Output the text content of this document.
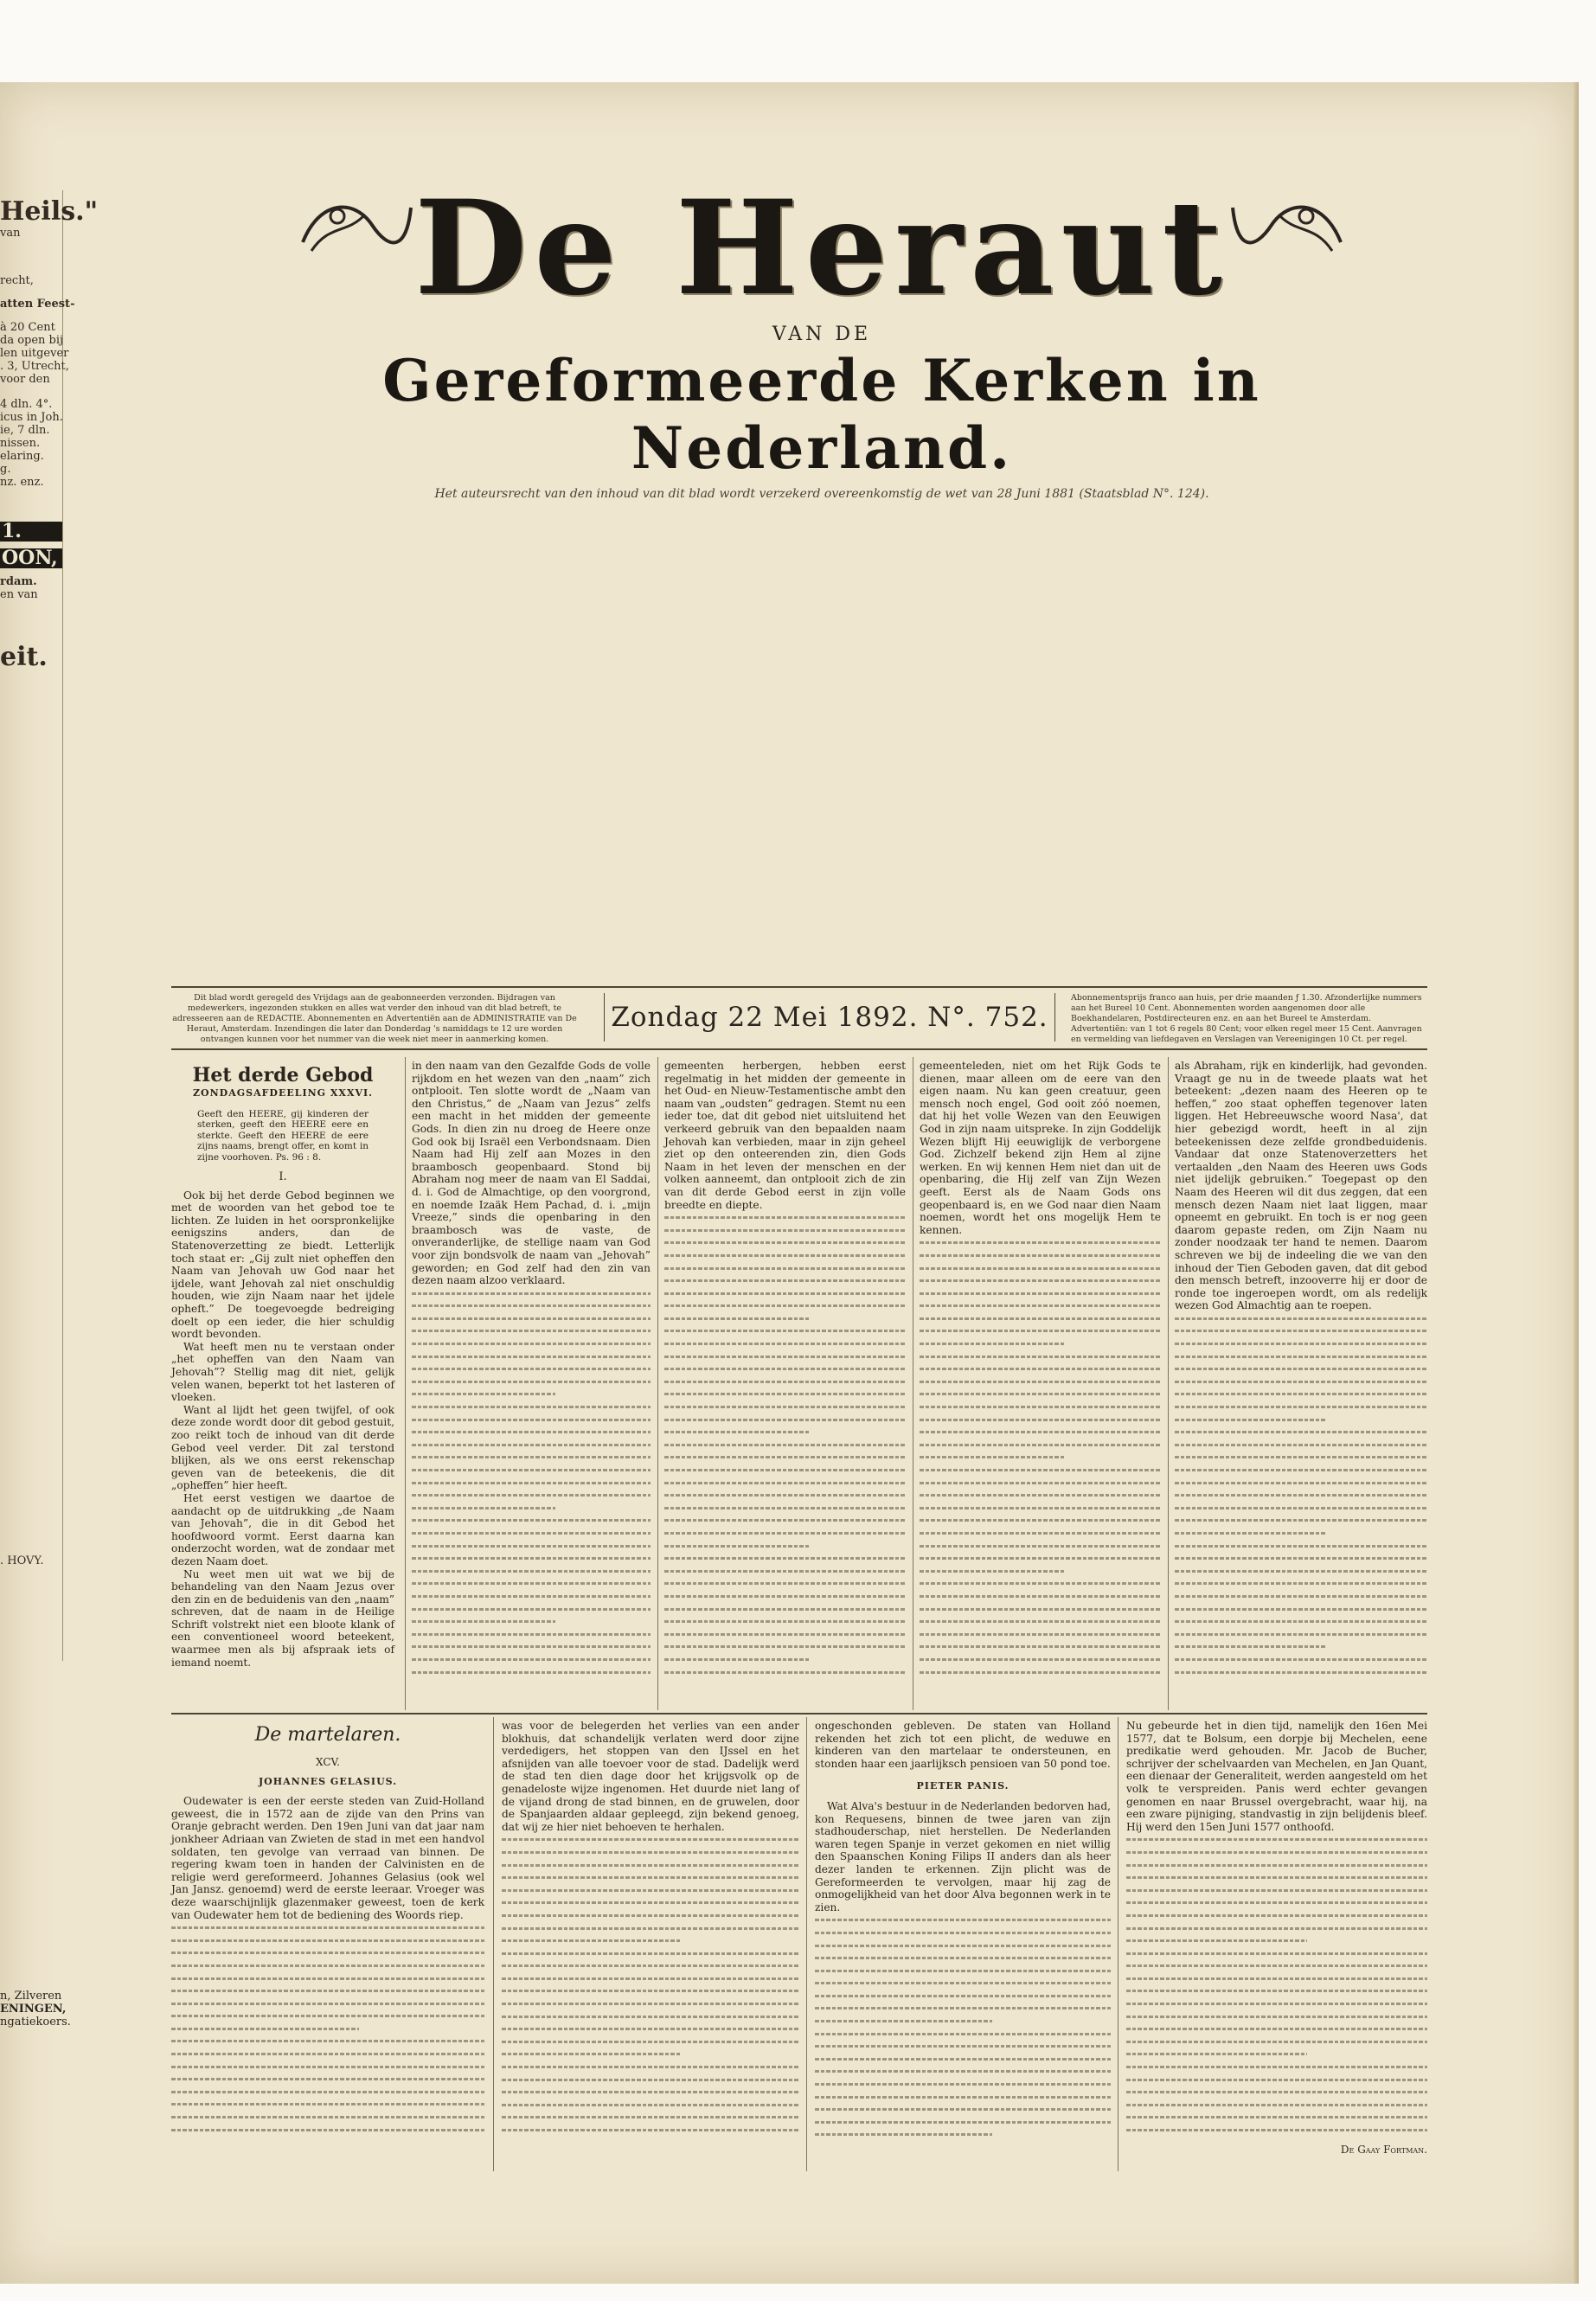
Heils."
van
recht,
atten Feest-
à 20 Cent
da open bij
len uitgever
. 3, Utrecht,
voor den
4 dln. 4°.
icus in Joh.
ie, 7 dln.
nissen.
elaring.
g.
nz. enz.
1.
OON,
rdam.
en van
eit.
. HOVY.
n, Zilveren
ENINGEN,
ngatiekoers.
De Heraut
VAN DE
Gereformeerde Kerken in Nederland.
Het auteursrecht van den inhoud van dit blad wordt verzekerd overeenkomstig de wet van 28 Juni 1881 (Staatsblad N°. 124).
Dit blad wordt geregeld des Vrijdags aan de geabonneerden verzonden. Bijdragen van medewerkers, ingezonden stukken en alles wat verder den inhoud van dit blad betreft, te adresseeren aan de REDACTIE. Abonnementen en Advertentiën aan de ADMINISTRATIE van De Heraut, Amsterdam. Inzendingen die later dan Donderdag 's namiddags te 12 ure worden ontvangen kunnen voor het nummer van die week niet meer in aanmerking komen.
Zondag 22 Mei 1892. N°. 752.
Abonnementsprijs franco aan huis, per drie maanden ƒ 1.30. Afzonderlijke nummers aan het Bureel 10 Cent. Abonnementen worden aangenomen door alle Boekhandelaren, Postdirecteuren enz. en aan het Bureel te Amsterdam. Advertentiën: van 1 tot 6 regels 80 Cent; voor elken regel meer 15 Cent. Aanvragen en vermelding van liefdegaven en Verslagen van Vereenigingen 10 Ct. per regel.
Het derde Gebod
ZONDAGSAFDEELING XXXVI.
Geeft den HEERE, gij kinderen der sterken, geeft den HEERE eere en sterkte. Geeft den HEERE de eere zijns naams, brengt offer, en komt in zijne voorhoven. Ps. 96 : 8.
I.

Ook bij het derde Gebod beginnen we met de woorden van het gebod toe te lichten. Ze luiden in het oorspronkelijke eenigszins anders, dan de Statenoverzetting ze biedt. Letterlijk toch staat er: „Gij zult niet opheffen den Naam van Jehovah uw God naar het ijdele, want Jehovah zal niet onschuldig houden, wie zijn Naam naar het ijdele opheft.” De toegevoegde bedreiging doelt op een ieder, die hier schuldig wordt bevonden.

Wat heeft men nu te verstaan onder „het opheffen van den Naam van Jehovah”? Stellig mag dit niet, gelijk velen wanen, beperkt tot het lasteren of vloeken.

Want al lijdt het geen twijfel, of ook deze zonde wordt door dit gebod gestuit, zoo reikt toch de inhoud van dit derde Gebod veel verder. Dit zal terstond blijken, als we ons eerst rekenschap geven van de beteekenis, die dit „opheffen” hier heeft.

Het eerst vestigen we daartoe de aandacht op de uitdrukking „de Naam van Jehovah”, die in dit Gebod het hoofdwoord vormt. Eerst daarna kan onderzocht worden, wat de zondaar met dezen Naam doet.

Nu weet men uit wat we bij de behandeling van den Naam Jezus over den zin en de beduidenis van den „naam” schreven, dat de naam in de Heilige Schrift volstrekt niet een bloote klank of een conventioneel woord beteekent, waarmee men als bij afspraak iets of iemand noemt.

in den naam van den Gezalfde Gods de volle rijkdom en het wezen van den „naam” zich ontplooit. Ten slotte wordt de „Naam van den Christus,” de „Naam van Jezus” zelfs een macht in het midden der gemeente Gods. In dien zin nu droeg de Heere onze God ook bij Israël een Verbondsnaam. Dien Naam had Hij zelf aan Mozes in den braambosch geopenbaard. Stond bij Abraham nog meer de naam van El Saddai, d. i. God de Almachtige, op den voorgrond, en noemde Izaäk Hem Pachad, d. i. „mijn Vreeze,” sinds die openbaring in den braambosch was de vaste, de onveranderlijke, de stellige naam van God voor zijn bondsvolk de naam van „Jehovah” geworden; en God zelf had den zin van dezen naam alzoo verklaard.

gemeenten herbergen, hebben eerst regelmatig in het midden der gemeente in het Oud- en Nieuw-Testamentische ambt den naam van „oudsten” gedragen. Stemt nu een ieder toe, dat dit gebod niet uitsluitend het verkeerd gebruik van den bepaalden naam Jehovah kan verbieden, maar in zijn geheel ziet op den onteerenden zin, dien Gods Naam in het leven der menschen en der volken aanneemt, dan ontplooit zich de zin van dit derde Gebod eerst in zijn volle breedte en diepte.

gemeenteleden, niet om het Rijk Gods te dienen, maar alleen om de eere van den eigen naam. Nu kan geen creatuur, geen mensch noch engel, God ooit zóó noemen, dat hij het volle Wezen van den Eeuwigen God in zijn naam uitspreke. In zijn Goddelijk Wezen blijft Hij eeuwiglijk de verborgene God. Zichzelf bekend zijn Hem al zijne werken. En wij kennen Hem niet dan uit de openbaring, die Hij zelf van Zijn Wezen geeft. Eerst als de Naam Gods ons geopenbaard is, en we God naar dien Naam noemen, wordt het ons mogelijk Hem te kennen.

als Abraham, rijk en kinderlijk, had gevonden. Vraagt ge nu in de tweede plaats wat het beteekent: „dezen naam des Heeren op te heffen,” zoo staat opheffen tegenover laten liggen. Het Hebreeuwsche woord Nasa', dat hier gebezigd wordt, heeft in al zijn beteekenissen deze zelfde grondbeduidenis. Vandaar dat onze Statenoverzetters het vertaalden „den Naam des Heeren uws Gods niet ijdelijk gebruiken.” Toegepast op den Naam des Heeren wil dit dus zeggen, dat een mensch dezen Naam niet laat liggen, maar opneemt en gebruikt. En toch is er nog geen daarom gepaste reden, om Zijn Naam nu zonder noodzaak ter hand te nemen. Daarom schreven we bij de indeeling die we van den inhoud der Tien Geboden gaven, dat dit gebod den mensch betreft, inzooverre hij er door de ronde toe ingeroepen wordt, om als redelijk wezen God Almachtig aan te roepen.

De martelaren.
XCV.
JOHANNES GELASIUS.

Oudewater is een der eerste steden van Zuid-Holland geweest, die in 1572 aan de zijde van den Prins van Oranje gebracht werden. Den 19en Juni van dat jaar nam jonkheer Adriaan van Zwieten de stad in met een handvol soldaten, ten gevolge van verraad van binnen. De regering kwam toen in handen der Calvinisten en de religie werd gereformeerd. Johannes Gelasius (ook wel Jan Jansz. genoemd) werd de eerste leeraar. Vroeger was deze waarschijnlijk glazenmaker geweest, toen de kerk van Oudewater hem tot de bediening des Woords riep.

was voor de belegerden het verlies van een ander blokhuis, dat schandelijk verlaten werd door zijne verdedigers, het stoppen van den IJssel en het afsnijden van alle toevoer voor de stad. Dadelijk werd de stad ten dien dage door het krijgsvolk op de genadeloste wijze ingenomen. Het duurde niet lang of de vijand drong de stad binnen, en de gruwelen, door de Spanjaarden aldaar gepleegd, zijn bekend genoeg, dat wij ze hier niet behoeven te herhalen.

ongeschonden gebleven. De staten van Holland rekenden het zich tot een plicht, de weduwe en kinderen van den martelaar te ondersteunen, en stonden haar een jaarlijksch pensioen van 50 pond toe.

PIETER PANIS.

Wat Alva's bestuur in de Nederlanden bedorven had, kon Requesens, binnen de twee jaren van zijn stadhouderschap, niet herstellen. De Nederlanden waren tegen Spanje in verzet gekomen en niet willig den Spaanschen Koning Filips II anders dan als heer dezer landen te erkennen. Zijn plicht was de Gereformeerden te vervolgen, maar hij zag de onmogelijkheid van het door Alva begonnen werk in te zien.

Nu gebeurde het in dien tijd, namelijk den 16en Mei 1577, dat te Bolsum, een dorpje bij Mechelen, eene predikatie werd gehouden. Mr. Jacob de Bucher, schrijver der schelvaarden van Mechelen, en Jan Quant, een dienaar der Generaliteit, werden aangesteld om het volk te verspreiden. Panis werd echter gevangen genomen en naar Brussel overgebracht, waar hij, na een zware pijniging, standvastig in zijn belijdenis bleef. Hij werd den 15en Juni 1577 onthoofd.

De Gaay Fortman.
